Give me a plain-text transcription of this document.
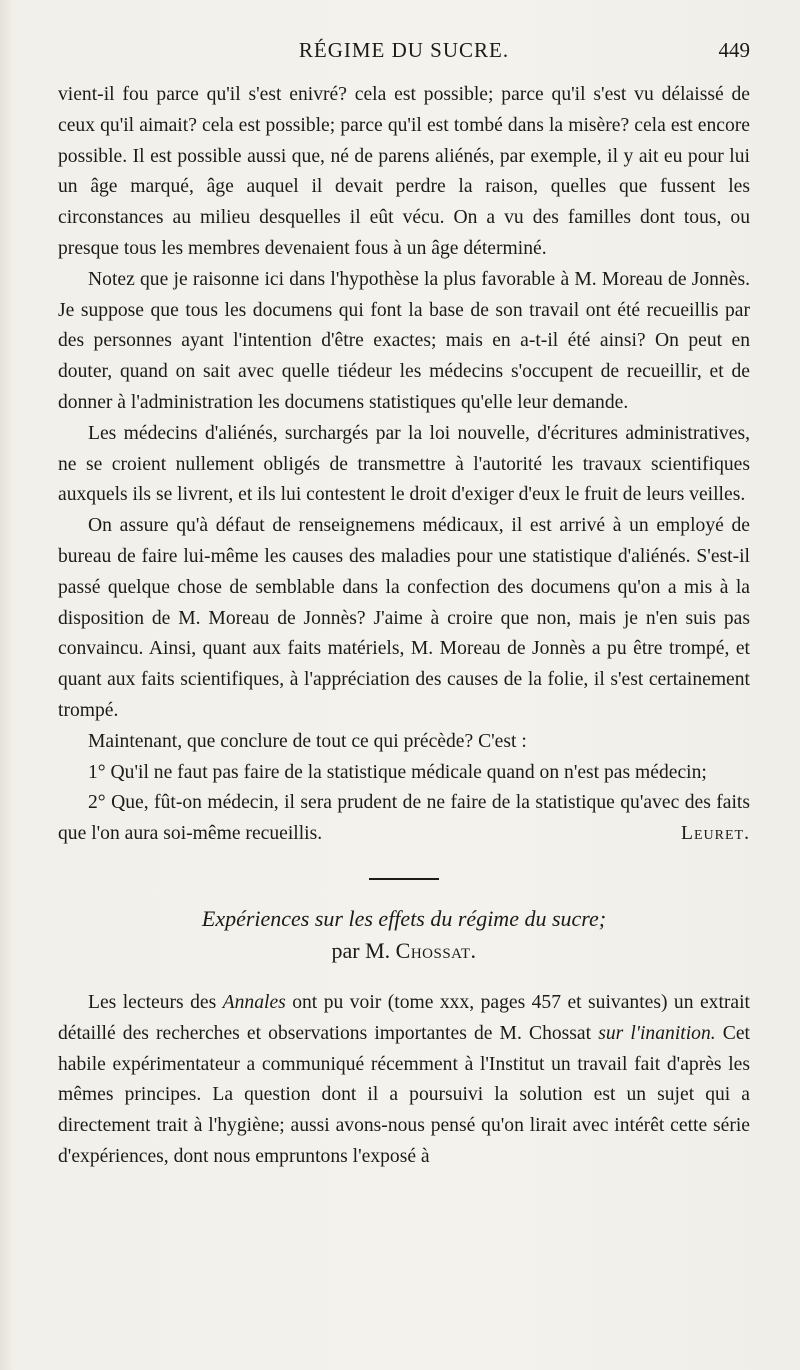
RÉGIME DU SUCRE.	449

vient-il fou parce qu'il s'est enivré? cela est possible; parce qu'il s'est vu délaissé de ceux qu'il aimait? cela est possible; parce qu'il est tombé dans la misère? cela est encore possible. Il est possible aussi que, né de parens aliénés, par exemple, il y ait eu pour lui un âge marqué, âge auquel il devait perdre la raison, quelles que fussent les circonstances au milieu desquelles il eût vécu. On a vu des familles dont tous, ou presque tous les membres devenaient fous à un âge déterminé.

Notez que je raisonne ici dans l'hypothèse la plus favorable à M. Moreau de Jonnès. Je suppose que tous les documens qui font la base de son travail ont été recueillis par des personnes ayant l'intention d'être exactes; mais en a-t-il été ainsi? On peut en douter, quand on sait avec quelle tiédeur les médecins s'occupent de recueillir, et de donner à l'administration les documens statistiques qu'elle leur demande.

Les médecins d'aliénés, surchargés par la loi nouvelle, d'écritures administratives, ne se croient nullement obligés de transmettre à l'autorité les travaux scientifiques auxquels ils se livrent, et ils lui contestent le droit d'exiger d'eux le fruit de leurs veilles.

On assure qu'à défaut de renseignemens médicaux, il est arrivé à un employé de bureau de faire lui-même les causes des maladies pour une statistique d'aliénés. S'est-il passé quelque chose de semblable dans la confection des documens qu'on a mis à la disposition de M. Moreau de Jonnès? J'aime à croire que non, mais je n'en suis pas convaincu. Ainsi, quant aux faits matériels, M. Moreau de Jonnès a pu être trompé, et quant aux faits scientifiques, à l'appréciation des causes de la folie, il s'est certainement trompé.

Maintenant, que conclure de tout ce qui précède? C'est :

1° Qu'il ne faut pas faire de la statistique médicale quand on n'est pas médecin;

2° Que, fût-on médecin, il sera prudent de ne faire de la statistique qu'avec des faits que l'on aura soi-même recueillis.	Leuret.

Expériences sur les effets du régime du sucre;

par M. Chossat.

Les lecteurs des Annales ont pu voir (tome xxx, pages 457 et suivantes) un extrait détaillé des recherches et observations importantes de M. Chossat sur l'inanition. Cet habile expérimentateur a communiqué récemment à l'Institut un travail fait d'après les mêmes principes. La question dont il a poursuivi la solution est un sujet qui a directement trait à l'hygiène; aussi avons-nous pensé qu'on lirait avec intérêt cette série d'expériences, dont nous empruntons l'exposé à
